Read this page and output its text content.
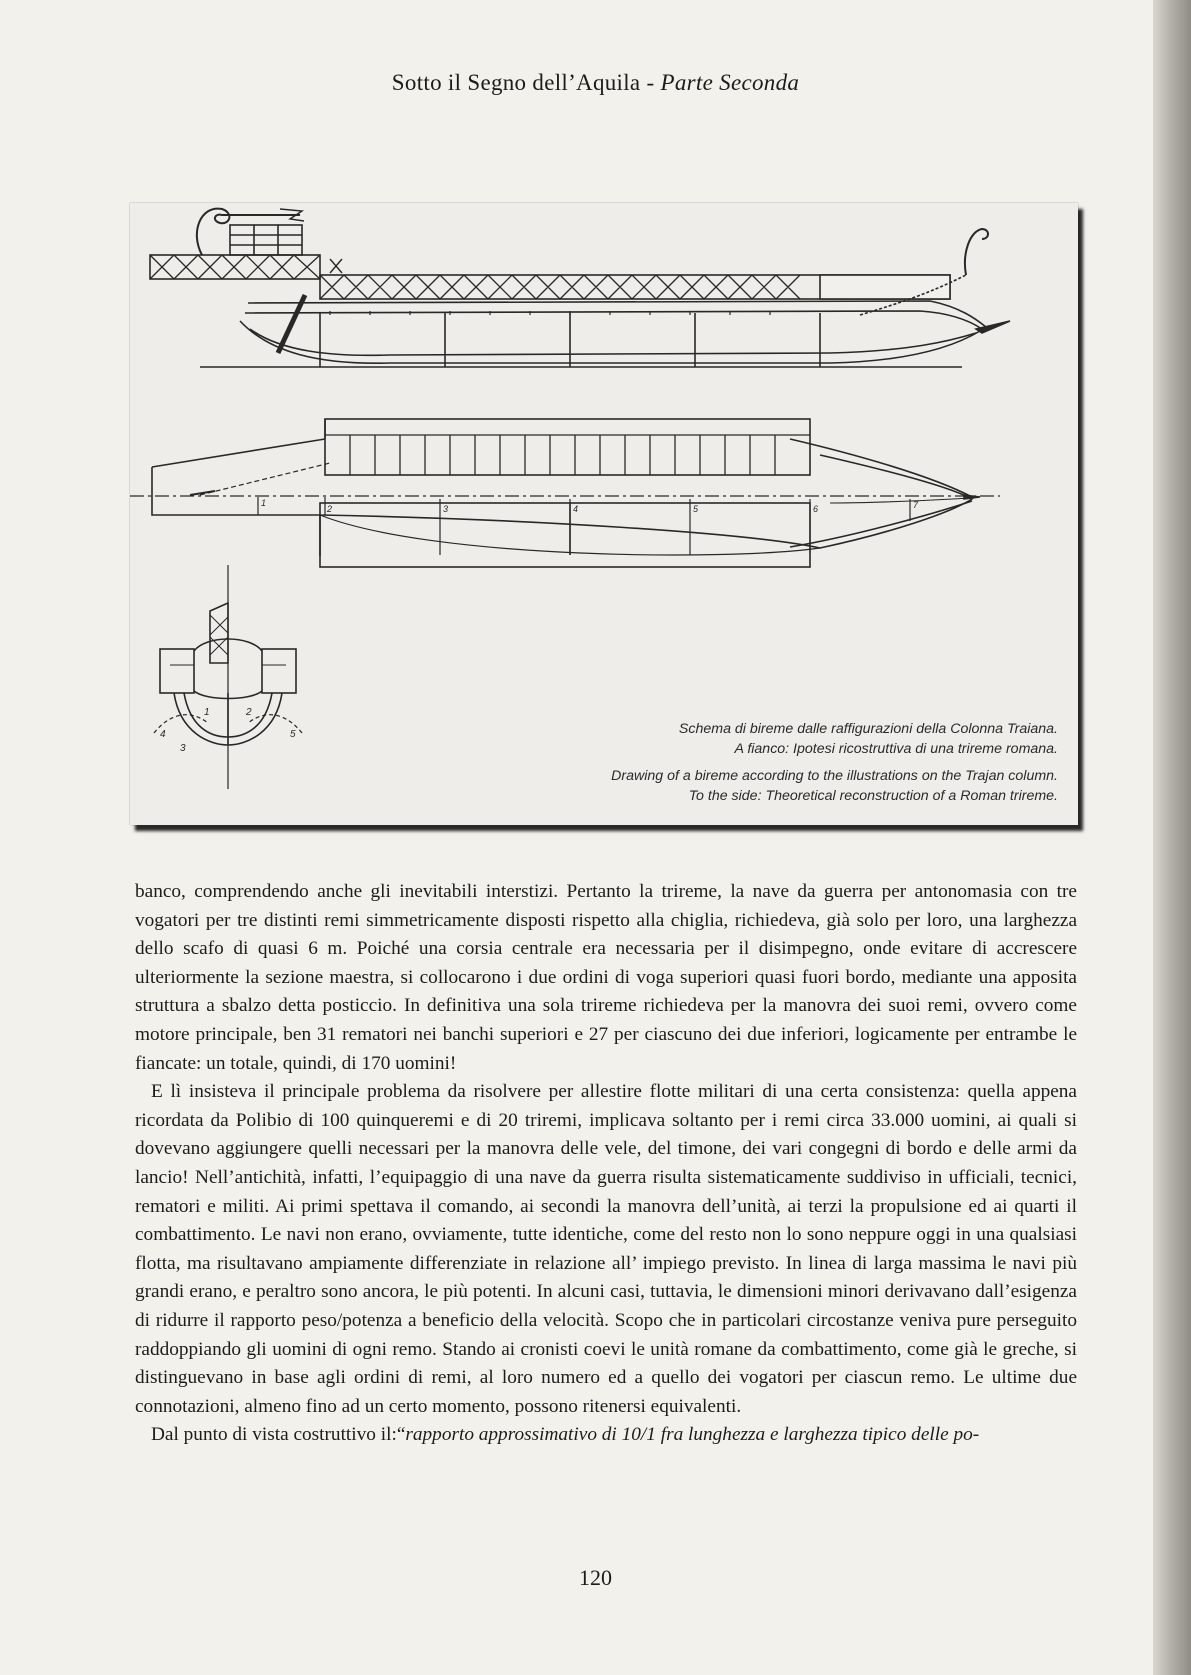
Sotto il Segno dell’Aquila - Parte Seconda
1
2	3	4	5	6	7
1	2
3
4	5	Schema di bireme dalle raffigurazioni della Colonna Traiana.
A fianco: Ipotesi ricostruttiva di una trireme romana.
Drawing of a bireme according to the illustrations on the Trajan column.
To the side: Theoretical reconstruction of a Roman trireme.

banco, comprendendo anche gli inevitabili interstizi. Pertanto la trireme, la nave da guerra per antonomasia con tre vogatori per tre distinti remi simmetricamente disposti rispetto alla chiglia, richiedeva, già solo per loro, una larghezza dello scafo di quasi 6 m. Poiché una corsia centrale era necessaria per il disimpegno, onde evitare di accrescere ulteriormente la sezione maestra, si collocarono i due ordini di voga superiori quasi fuori bordo, mediante una apposita struttura a sbalzo detta posticcio. In definitiva una sola trireme richiedeva per la manovra dei suoi remi, ovvero come motore principale, ben 31 rematori nei banchi superiori e 27 per ciascuno dei due inferiori, logicamente per entrambe le fiancate: un totale, quindi, di 170 uomini!

E lì insisteva il principale problema da risolvere per allestire flotte militari di una certa consistenza: quella appena ricordata da Polibio di 100 quinqueremi e di 20 triremi, implicava soltanto per i remi circa 33.000 uomini, ai quali si dovevano aggiungere quelli necessari per la manovra delle vele, del timone, dei vari congegni di bordo e delle armi da lancio! Nell’antichità, infatti, l’equipaggio di una nave da guerra risulta sistematicamente suddiviso in ufficiali, tecnici, rematori e militi. Ai primi spettava il comando, ai secondi la manovra dell’unità, ai terzi la propulsione ed ai quarti il combattimento. Le navi non erano, ovviamente, tutte identiche, come del resto non lo sono neppure oggi in una qualsiasi flotta, ma risultavano ampiamente differenziate in relazione all’ impiego previsto. In linea di larga massima le navi più grandi erano, e peraltro sono ancora, le più potenti. In alcuni casi, tuttavia, le dimensioni minori derivavano dall’esigenza di ridurre il rapporto peso/potenza a beneficio della velocità. Scopo che in particolari circostanze veniva pure perseguito raddoppiando gli uomini di ogni remo. Stando ai cronisti coevi le unità romane da combattimento, come già le greche, si distinguevano in base agli ordini di remi, al loro numero ed a quello dei vogatori per ciascun remo. Le ultime due connotazioni, almeno fino ad un certo momento, possono ritenersi equivalenti.

Dal punto di vista costruttivo il:“rapporto approssimativo di 10/1 fra lunghezza e larghezza tipico delle po-

120
